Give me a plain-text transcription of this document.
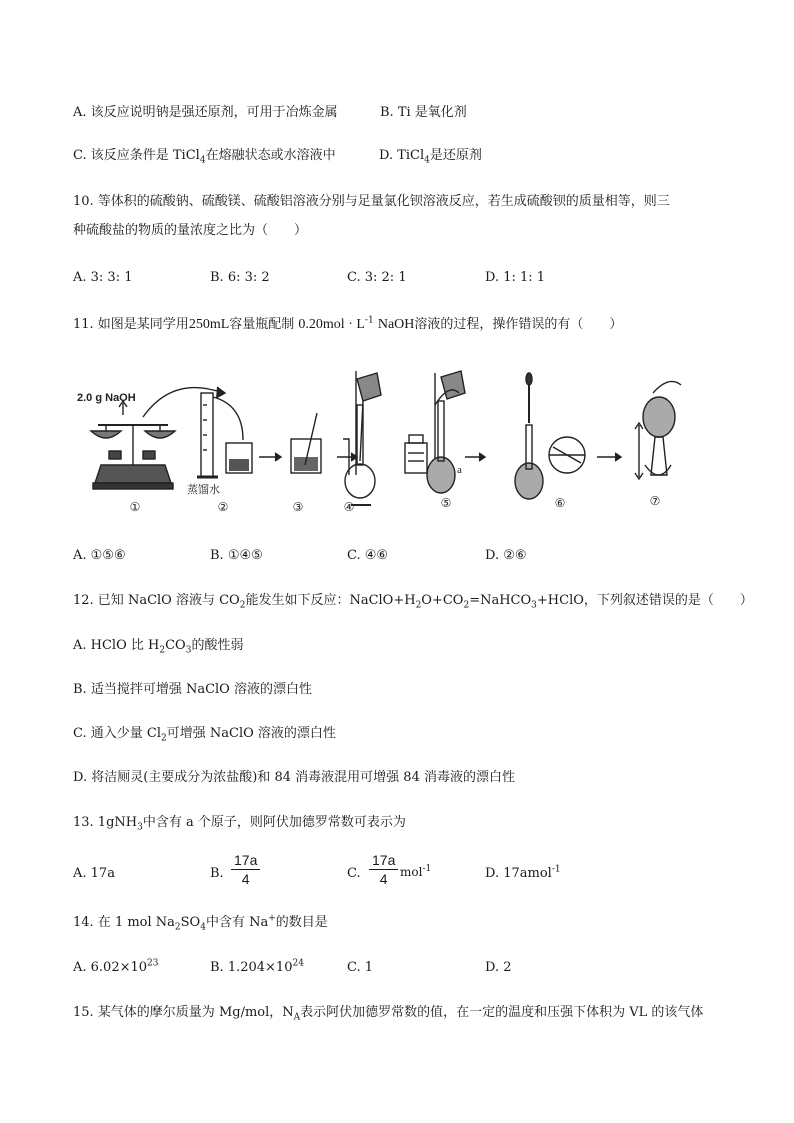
A. 该反应说明钠是强还原剂，可用于冶炼金属	B. Ti 是氧化剂
C. 该反应条件是 TiCl$_4$在熔融状态或水溶液中	D. TiCl$_4$是还原剂
10. 等体积的硫酸钠、硫酸镁、硫酸铝溶液分别与足量氯化钡溶液反应，若生成硫酸钡的质量相等，则三
种硫酸盐的物质的量浓度之比为（　　）
A. 3: 3: 1	B. 6: 3: 2	C. 3: 2: 1	D. 1: 1: 1
11. 如图是某同学用250mL容量瓶配制 $0.20mol \cdot L^{-1}$ NaOH溶液的过程，操作错误的有（　　）
2.0 g NaOH
蒸馏水
a
①	②	③	④	⑤	⑥	⑦
A. ①⑤⑥	B. ①④⑤	C. ④⑥	D. ②⑥
12. 已知 NaClO 溶液与 $CO_2$能发生如下反应：$NaClO+H_2O+CO_2=NaHCO_3+HClO$，下列叙述错误的是（　　）
A. HClO 比 $H_2CO_3$的酸性弱
B. 适当搅拌可增强 NaClO 溶液的漂白性
C. 通入少量 $Cl_2$可增强 NaClO 溶液的漂白性
D. 将洁厕灵(主要成分为浓盐酸)和 84 消毒液混用可增强 84 消毒液的漂白性
13. 1gNH$_3$中含有 a 个原子，则阿伏加德罗常数可表示为
A. 17a	B. $\frac{17a}{4}$	C. $\frac{17a}{4} mol^{-1}$	D. 17amol$^{-1}$
14. 在 1 mol $Na_2SO_4$中含有 Na+的数目是
A. $6.02\times 10^{23}$	B. $1.204\times 10^{24}$	C. 1	D. 2
15. 某气体的摩尔质量为 Mg/mol，$N_A$表示阿伏加德罗常数的值，在一定的温度和压强下体积为 VL 的该气体
